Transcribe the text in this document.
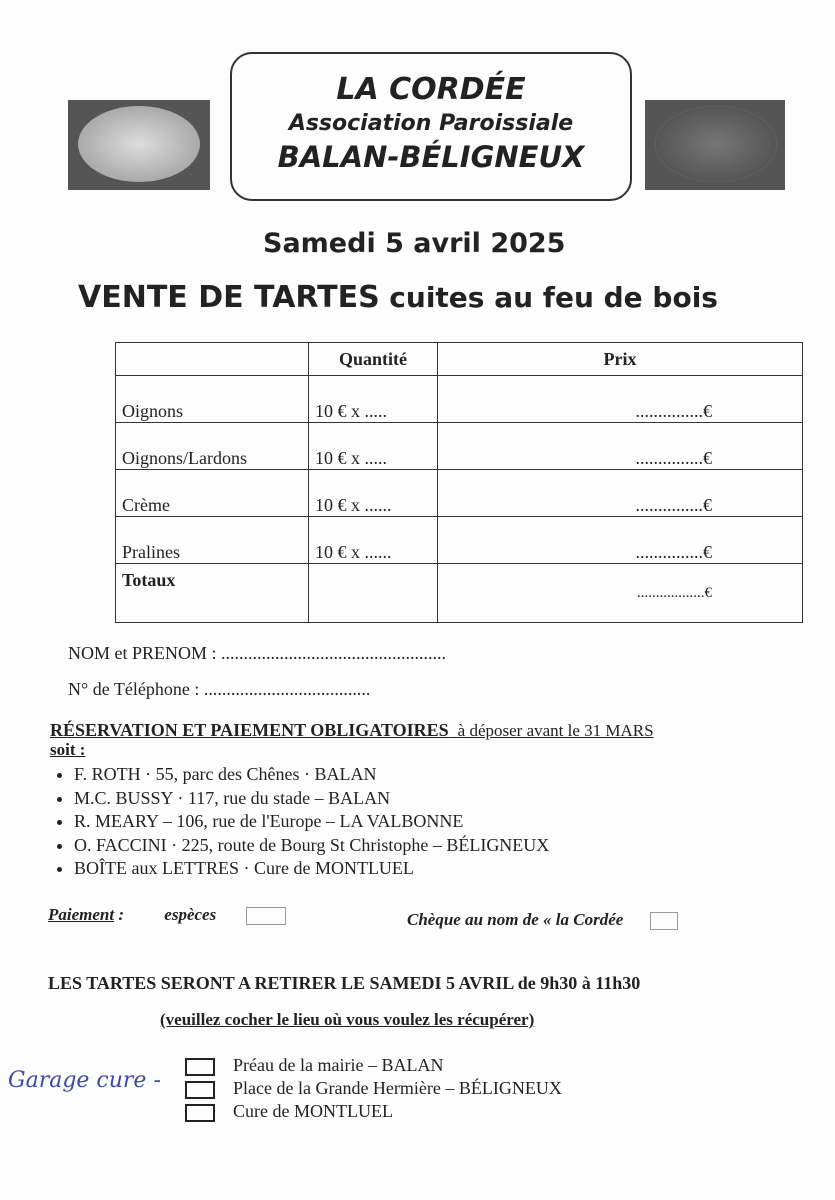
LA CORDÉE
Association Paroissiale
BALAN-BÉLIGNEUX
Samedi 5 avril 2025
VENTE DE TARTES cuites au feu de bois
	Quantité	Prix
Oignons	10 € x .....	...............€
Oignons/Lardons	10 € x .....	...............€
Crème	10 € x ......	...............€
Pralines	10 € x ......	...............€
Totaux		..................€
NOM et PRENOM : ..................................................
N° de Téléphone : .....................................
RÉSERVATION ET PAIEMENT OBLIGATOIRES à déposer avant le 31 MARS
soit :
• F. ROTH · 55, parc des Chênes · BALAN
• M.C. BUSSY · 117, rue du stade – BALAN
• R. MEARY – 106, rue de l'Europe – LA VALBONNE
• O. FACCINI · 225, route de Bourg St Christophe – BÉLIGNEUX
• BOÎTE aux LETTRES · Cure de MONTLUEL
Paiement : espèces	Chèque au nom de « la Cordée
LES TARTES SERONT A RETIRER LE SAMEDI 5 AVRIL de 9h30 à 11h30
(veuillez cocher le lieu où vous voulez les récupérer)
Préau de la mairie – BALAN
Place de la Grande Hermière – BÉLIGNEUX
Cure de MONTLUEL
Garage cure -
